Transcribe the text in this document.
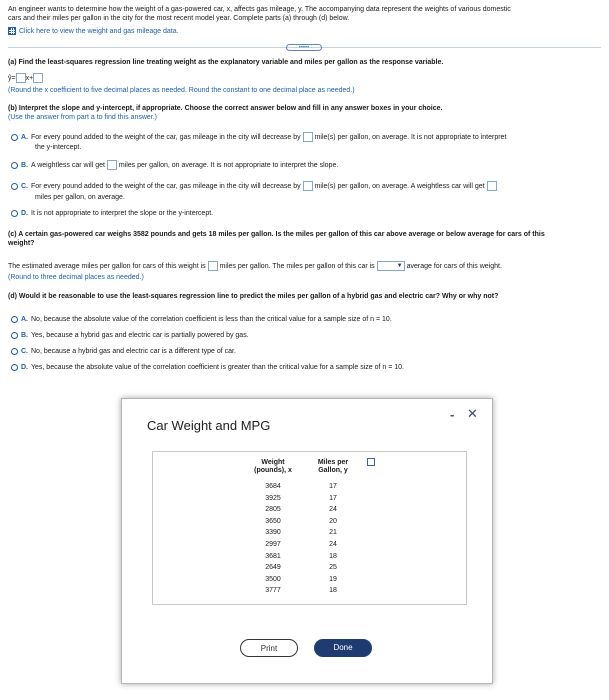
An engineer wants to determine how the weight of a gas-powered car, x, affects gas mileage, y. The accompanying data represent the weights of various domestic
cars and their miles per gallon in the city for the most recent model year. Complete parts (a) through (d) below.
Click here to view the weight and gas mileage data.
•••••
(a) Find the least-squares regression line treating weight as the explanatory variable and miles per gallon as the response variable.
ŷ= x+
(Round the x coefficient to five decimal places as needed. Round the constant to one decimal place as needed.)
(b) Interpret the slope and y-intercept, if appropriate. Choose the correct answer below and fill in any answer boxes in your choice.
(Use the answer from part a to find this answer.)
A. For every pound added to the weight of the car, gas mileage in the city will decrease by mile(s) per gallon, on average. It is not appropriate to interpret
the y-intercept.
B. A weightless car will get miles per gallon, on average. It is not appropriate to interpret the slope.
C. For every pound added to the weight of the car, gas mileage in the city will decrease by mile(s) per gallon, on average. A weightless car will get
miles per gallon, on average.
D. It is not appropriate to interpret the slope or the y-intercept.
(c) A certain gas-powered car weighs 3582 pounds and gets 18 miles per gallon. Is the miles per gallon of this car above average or below average for cars of this
weight?
The estimated average miles per gallon for cars of this weight is miles per gallon. The miles per gallon of this car is ▼	average for cars of this weight.
(Round to three decimal places as needed.)
(d) Would it be reasonable to use the least-squares regression line to predict the miles per gallon of a hybrid gas and electric car? Why or why not?
A. No, because the absolute value of the correlation coefficient is less than the critical value for a sample size of n = 10.
B. Yes, because a hybrid gas and electric car is partially powered by gas.
C. No, because a hybrid gas and electric car is a different type of car.
D. Yes, because the absolute value of the correlation coefficient is greater than the critical value for a sample size of n = 10.
Car Weight and MPG
- ✕
Weight
(pounds), x
Miles per
Gallon, y
3684	17
3925	17
2805	24
3650	20
3390	21
2997	24
3681	18
2649	25
3500	19
3777	18
Print	Done
